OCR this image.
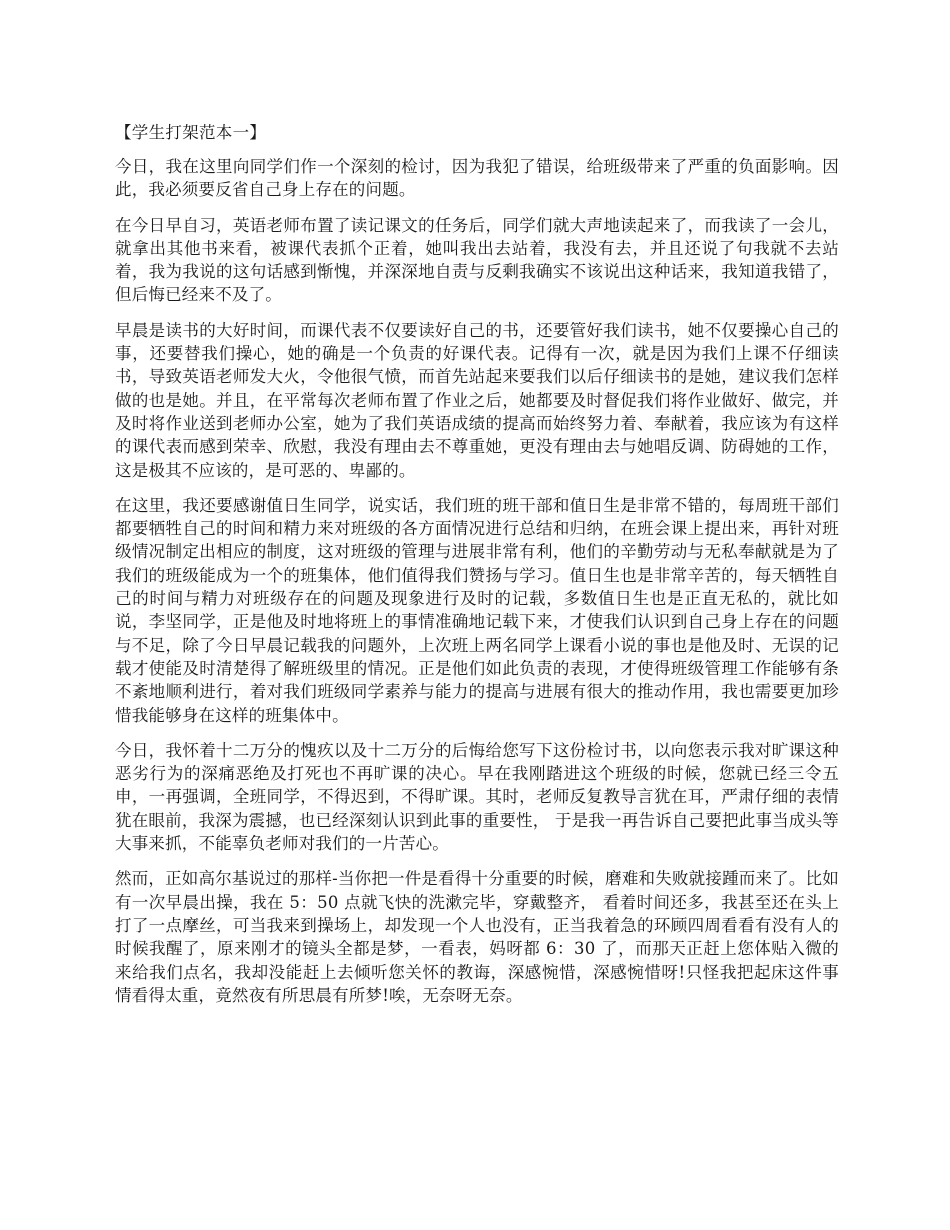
【学生打架范本一】

今日，我在这里向同学们作一个深刻的检讨，因为我犯了错误，给班级带来了严重的负面影响。因此，我必须要反省自己身上存在的问题。

在今日早自习，英语老师布置了读记课文的任务后，同学们就大声地读起来了，而我读了一会儿，就拿出其他书来看，被课代表抓个正着，她叫我出去站着，我没有去，并且还说了句我就不去站着，我为我说的这句话感到惭愧，并深深地自责与反剩我确实不该说出这种话来，我知道我错了，但后悔已经来不及了。

早晨是读书的大好时间，而课代表不仅要读好自己的书，还要管好我们读书，她不仅要操心自己的事，还要替我们操心，她的确是一个负责的好课代表。记得有一次，就是因为我们上课不仔细读书，导致英语老师发大火，令他很气愤，而首先站起来要我们以后仔细读书的是她，建议我们怎样做的也是她。并且，在平常每次老师布置了作业之后，她都要及时督促我们将作业做好、做完，并及时将作业送到老师办公室，她为了我们英语成绩的提高而始终努力着、奉献着，我应该为有这样的课代表而感到荣幸、欣慰，我没有理由去不尊重她，更没有理由去与她唱反调、防碍她的工作，这是极其不应该的，是可恶的、卑鄙的。

在这里，我还要感谢值日生同学，说实话，我们班的班干部和值日生是非常不错的，每周班干部们都要牺牲自己的时间和精力来对班级的各方面情况进行总结和归纳，在班会课上提出来，再针对班级情况制定出相应的制度，这对班级的管理与进展非常有利，他们的辛勤劳动与无私奉献就是为了我们的班级能成为一个的班集体，他们值得我们赞扬与学习。值日生也是非常辛苦的，每天牺牲自己的时间与精力对班级存在的问题及现象进行及时的记载，多数值日生也是正直无私的，就比如说，李坚同学，正是他及时地将班上的事情准确地记载下来，才使我们认识到自己身上存在的问题与不足，除了今日早晨记载我的问题外，上次班上两名同学上课看小说的事也是他及时、无误的记载才使能及时清楚得了解班级里的情况。正是他们如此负责的表现，才使得班级管理工作能够有条不紊地顺利进行，着对我们班级同学素养与能力的提高与进展有很大的推动作用，我也需要更加珍惜我能够身在这样的班集体中。

今日，我怀着十二万分的愧疚以及十二万分的后悔给您写下这份检讨书，以向您表示我对旷课这种恶劣行为的深痛恶绝及打死也不再旷课的决心。早在我刚踏进这个班级的时候，您就已经三令五申，一再强调，全班同学，不得迟到，不得旷课。其时，老师反复教导言犹在耳，严肃仔细的表情犹在眼前，我深为震撼，也已经深刻认识到此事的重要性， 于是我一再告诉自己要把此事当成头等大事来抓，不能辜负老师对我们的一片苦心。

然而，正如高尔基说过的那样-当你把一件是看得十分重要的时候，磨难和失败就接踵而来了。比如有一次早晨出操，我在 5：50 点就飞快的洗漱完毕，穿戴整齐， 看着时间还多，我甚至还在头上打了一点摩丝，可当我来到操场上，却发现一个人也没有，正当我着急的环顾四周看看有没有人的时候我醒了，原来刚才的镜头全都是梦，一看表，妈呀都 6：30 了，而那天正赶上您体贴入微的来给我们点名，我却没能赶上去倾听您关怀的教诲，深感惋惜，深感惋惜呀!只怪我把起床这件事情看得太重，竟然夜有所思晨有所梦!唉，无奈呀无奈。
